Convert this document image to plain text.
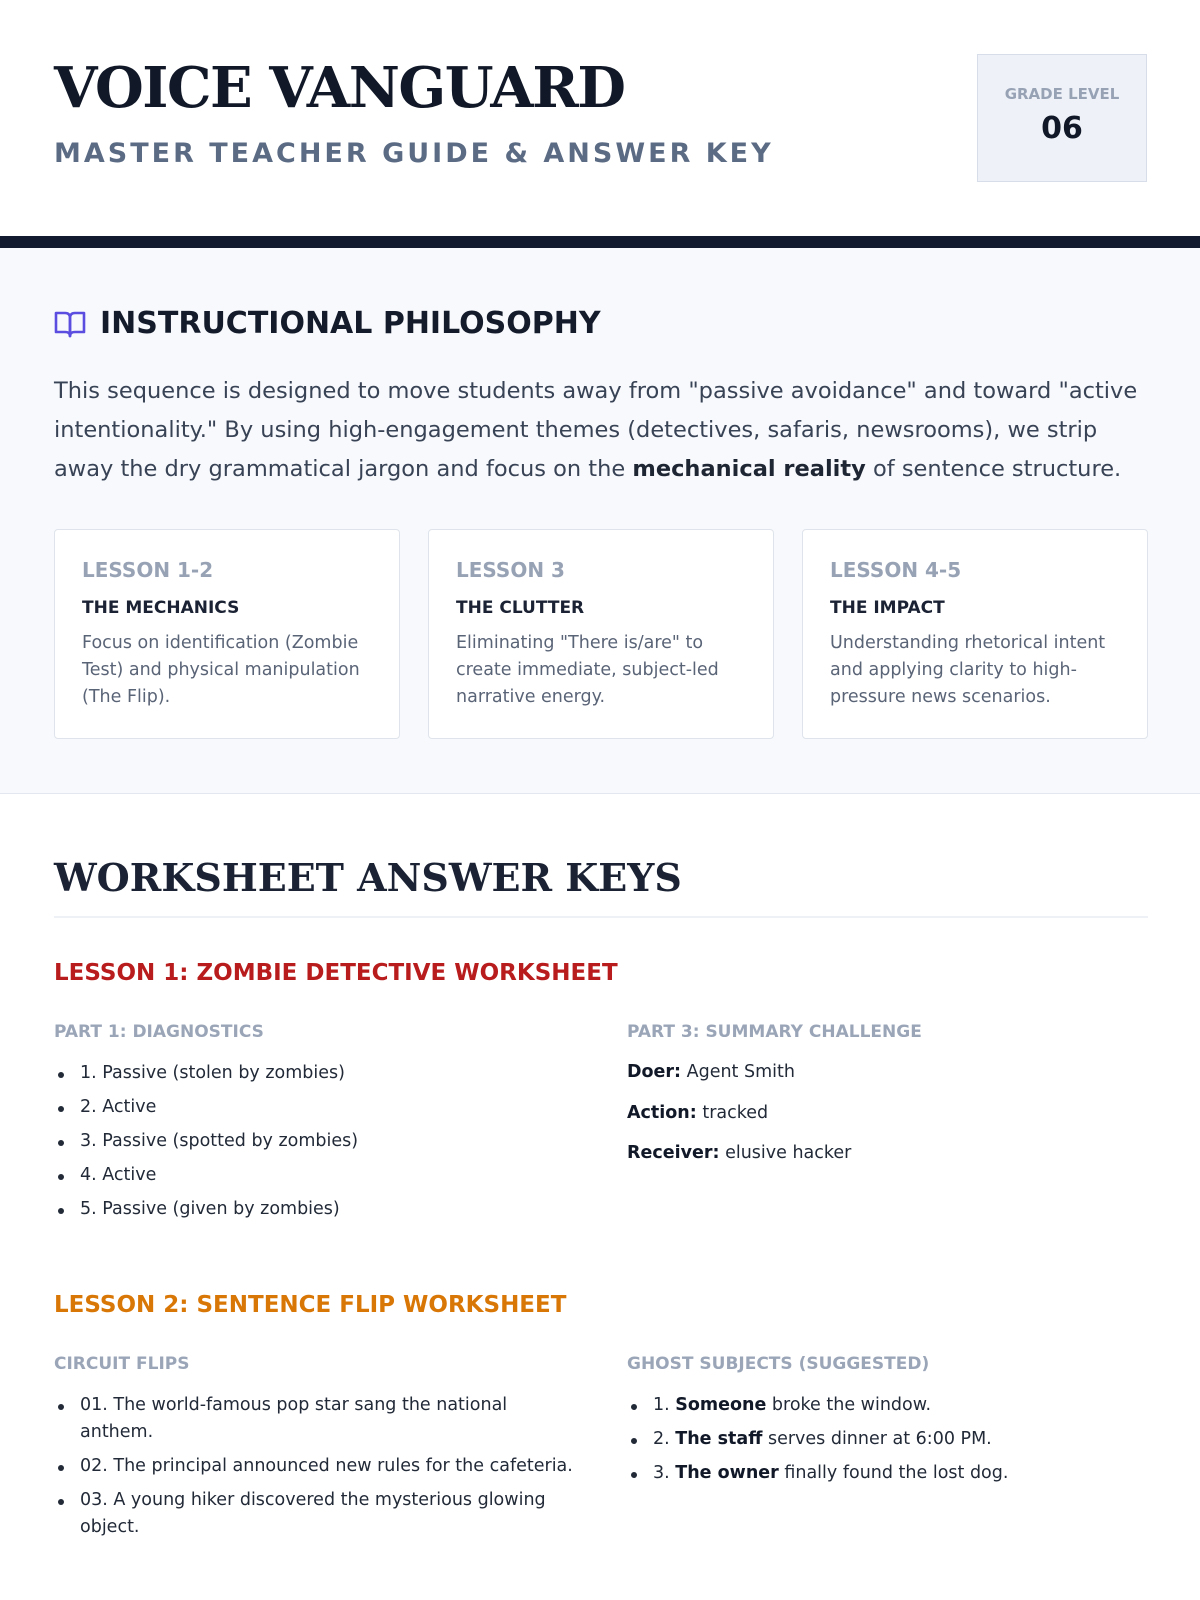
VOICE VANGUARD
MASTER TEACHER GUIDE & ANSWER KEY
GRADE LEVEL
06
INSTRUCTIONAL PHILOSOPHY

This sequence is designed to move students away from "passive avoidance" and toward "active intentionality." By using high-engagement themes (detectives, safaris, newsrooms), we strip away the dry grammatical jargon and focus on the mechanical reality of sentence structure.

LESSON 1-2
THE MECHANICS
Focus on identification (Zombie Test) and physical manipulation (The Flip).
LESSON 3
THE CLUTTER
Eliminating "There is/are" to create immediate, subject-led narrative energy.
LESSON 4-5
THE IMPACT
Understanding rhetorical intent and applying clarity to high-pressure news scenarios.
WORKSHEET ANSWER KEYS
LESSON 1: ZOMBIE DETECTIVE WORKSHEET
PART 1: DIAGNOSTICS
1. Passive (stolen by zombies)
2. Active
3. Passive (spotted by zombies)
4. Active
5. Passive (given by zombies)
PART 3: SUMMARY CHALLENGE
Doer: Agent Smith
Action: tracked
Receiver: elusive hacker
LESSON 2: SENTENCE FLIP WORKSHEET
CIRCUIT FLIPS
01. The world-famous pop star sang the national anthem.
02. The principal announced new rules for the cafeteria.
03. A young hiker discovered the mysterious glowing object.
GHOST SUBJECTS (SUGGESTED)
1. Someone broke the window.
2. The staff serves dinner at 6:00 PM.
3. The owner finally found the lost dog.
